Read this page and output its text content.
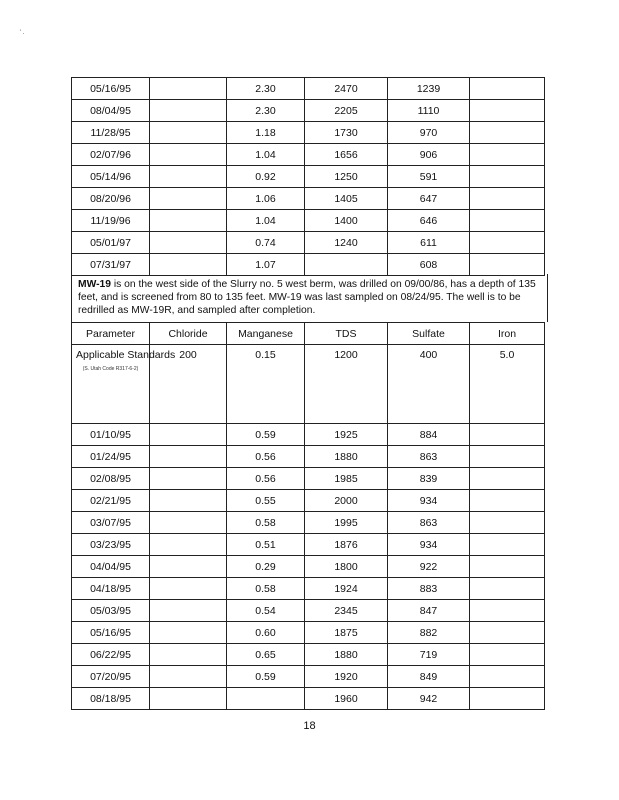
' .
05/16/95		2.30	2470	1239	
08/04/95		2.30	2205	1110	
11/28/95		1.18	1730	970	
02/07/96		1.04	1656	906	
05/14/96		0.92	1250	591	
08/20/96		1.06	1405	647	
11/19/96		1.04	1400	646	
05/01/97		0.74	1240	611	
07/31/97		1.07		608	
MW-19 is on the west side of the Slurry no. 5 west berm, was drilled on 09/00/86, has a depth of 135 feet, and is screened from 80 to 135 feet. MW-19 was last sampled on 08/24/95. The well is to be redrilled as MW-19R, and sampled after completion.
Parameter	Chloride	Manganese	TDS	Sulfate	Iron

Applicable Standards
(S. Utah Code R317-6-2)	200	0.15	1200	400	5.0
01/10/95		0.59	1925	884	
01/24/95		0.56	1880	863	
02/08/95		0.56	1985	839	
02/21/95		0.55	2000	934	
03/07/95		0.58	1995	863	
03/23/95		0.51	1876	934	
04/04/95		0.29	1800	922	
04/18/95		0.58	1924	883	
05/03/95		0.54	2345	847	
05/16/95		0.60	1875	882	
06/22/95		0.65	1880	719	
07/20/95		0.59	1920	849	
08/18/95			1960	942	
18
